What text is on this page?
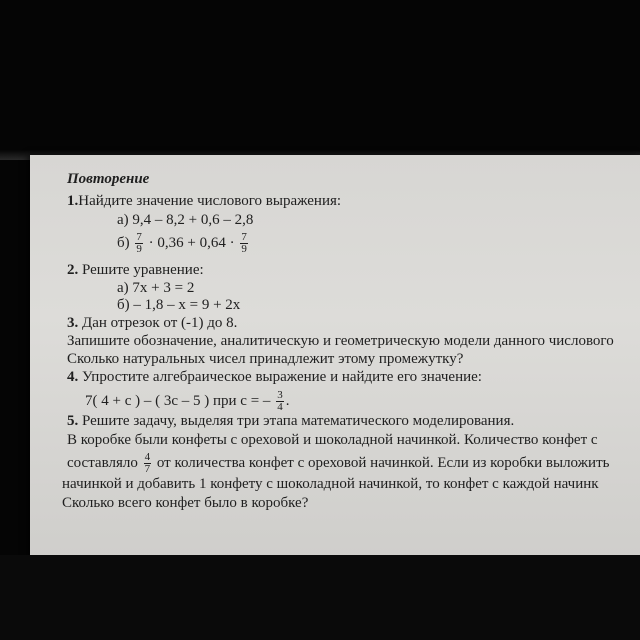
Повторение
1.Найдите значение числового выражения:
а) 9,4 – 8,2 + 0,6 – 2,8
$б) \frac{7}{9} \cdot 0,36 + 0,64 \cdot \frac{7}{9}$
2. Решите уравнение:
а) 7x + 3 = 2
б) – 1,8 – x = 9 + 2x
3. Дан отрезок от (-1) до 8.
Запишите обозначение, аналитическую и геометрическую модели данного числового
Сколько натуральных чисел принадлежит этому промежутку?
4. Упростите алгебраическое выражение и найдите его значение:
7( 4 + с ) – ( 3с – 5 ) при с = – $\frac{3}{4}$ .
5. Решите задачу, выделяя три этапа математического моделирования.
В коробке были конфеты с ореховой и шоколадной начинкой. Количество конфет с
составляло $\frac{4}{7}$ от количества конфет с ореховой начинкой. Если из коробки выложить
начинкой и добавить 1 конфету с шоколадной начинкой, то конфет с каждой начинк
Сколько всего конфет было в коробке?
